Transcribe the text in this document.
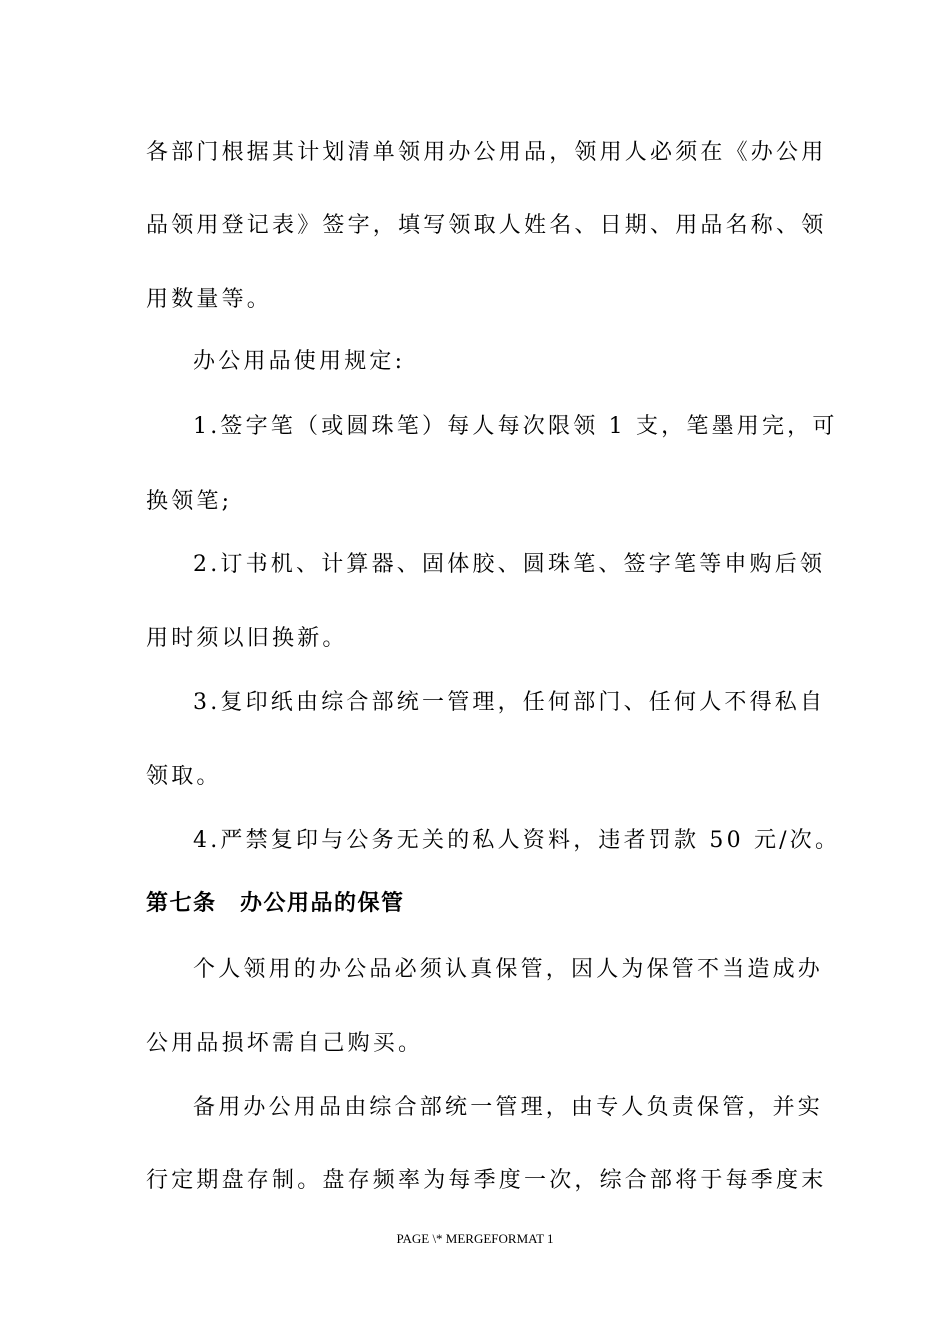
各部门根据其计划清单领用办公用品，领用人必须在《办公用
品领用登记表》签字，填写领取人姓名、日期、用品名称、领
用数量等。
办公用品使用规定:
1.签字笔（或圆珠笔）每人每次限领 1 支，笔墨用完，可
换领笔;
2.订书机、计算器、固体胶、圆珠笔、签字笔等申购后领
用时须以旧换新。
3.复印纸由综合部统一管理，任何部门、任何人不得私自
领取。
4.严禁复印与公务无关的私人资料，违者罚款 50 元/次。
第七条 办公用品的保管
个人领用的办公品必须认真保管，因人为保管不当造成办
公用品损坏需自己购买。
备用办公用品由综合部统一管理，由专人负责保管，并实
行定期盘存制。盘存频率为每季度一次，综合部将于每季度末
PAGE \* MERGEFORMAT 1
